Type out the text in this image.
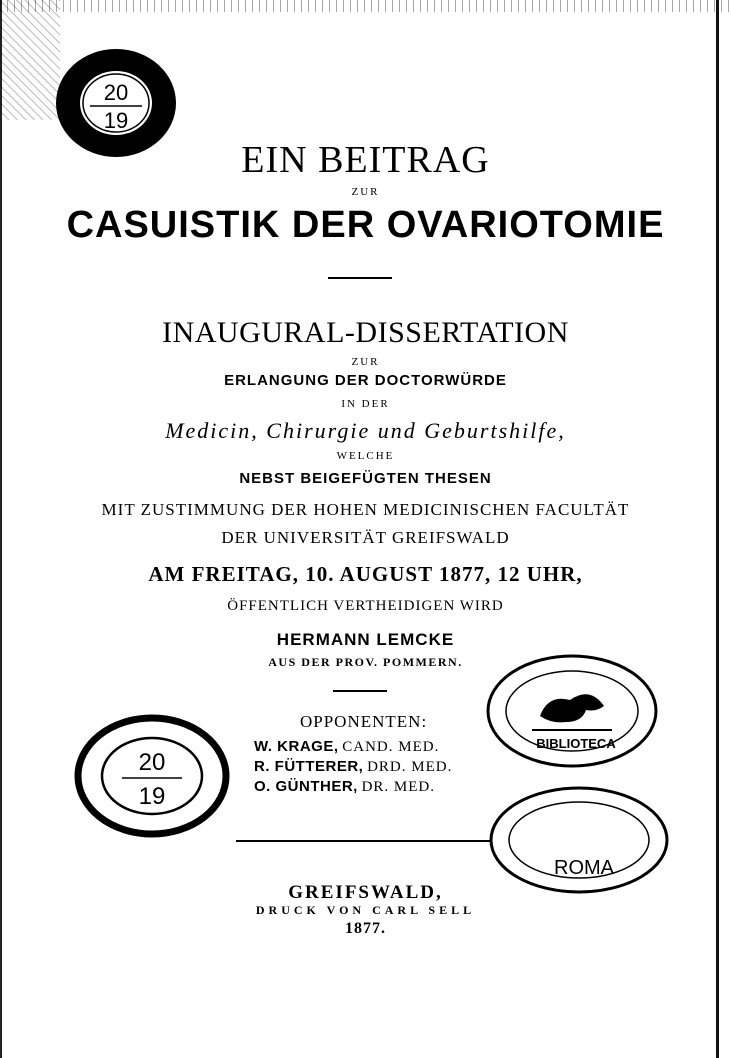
20
19
20
19
BIBLIOTECA
ROMA
EIN BEITRAG
ZUR
CASUISTIK DER OVARIOTOMIE
INAUGURAL-DISSERTATION
ZUR
ERLANGUNG DER DOCTORWÜRDE
IN DER
Medicin, Chirurgie und Geburtshilfe,
WELCHE
NEBST BEIGEFÜGTEN THESEN
MIT ZUSTIMMUNG DER HOHEN MEDICINISCHEN FACULTÄT
DER UNIVERSITÄT GREIFSWALD
AM FREITAG, 10. AUGUST 1877, 12 UHR,
ÖFFENTLICH VERTHEIDIGEN WIRD
HERMANN LEMCKE
AUS DER PROV. POMMERN.
OPPONENTEN:
W. KRAGE, CAND. MED.
R. FÜTTERER, DRD. MED.
O. GÜNTHER, DR. MED.
GREIFSWALD,
DRUCK VON CARL SELL
1877.
